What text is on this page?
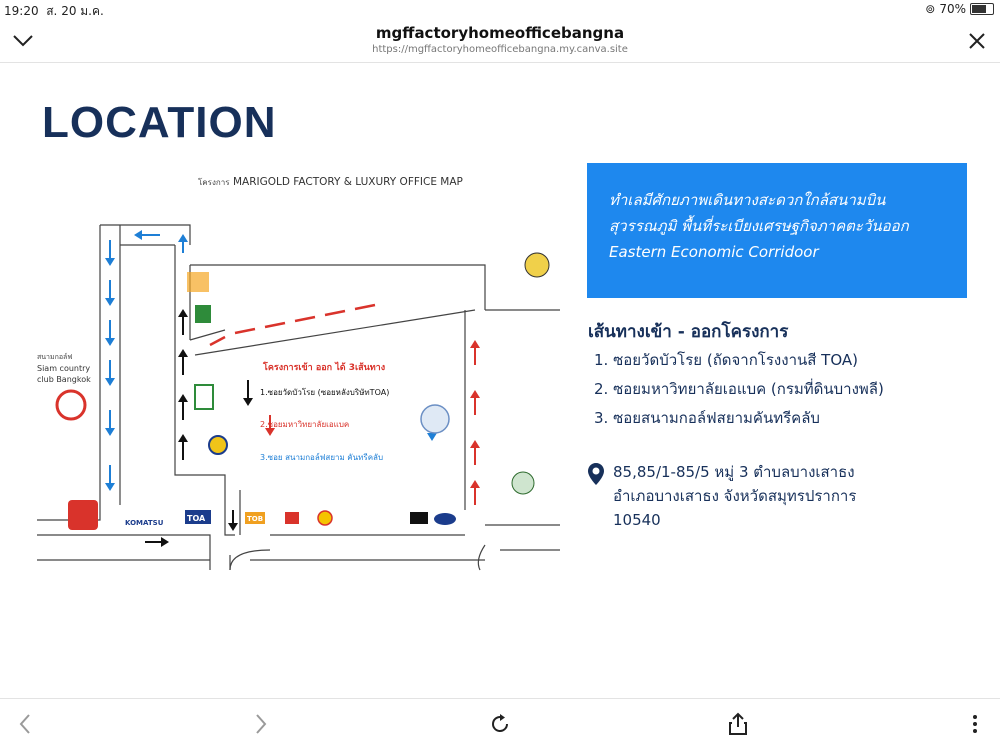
19:20 ส. 20 ม.ค.	⊚ 70%
mgffactoryhomeofficebangna
https://mgffactoryhomeofficebangna.my.canva.site
LOCATION
โครงการ MARIGOLD FACTORY & LUXURY OFFICE MAP
สนามกอล์ฟ
Siam country
club Bangkok
โครงการเข้า ออก ได้ 3เส้นทาง
1.ซอยวัดบัวโรย (ซอยหลังบริษัทTOA)
2.ซอยมหาวิทยาลัยเอแบค
3.ซอย สนามกอล์ฟสยาม คันทรีคลับ
KOMATSU	TOA	TOB
ทำเลมีศักยภาพเดินทางสะดวกใกล้สนามบิน
สุวรรณภูมิ พื้นที่ระเบียงเศรษฐกิจภาคตะวันออก
Eastern Economic Corridoor
เส้นทางเข้า - ออกโครงการ
1. ซอยวัดบัวโรย (ถัดจากโรงงานสี TOA)
2. ซอยมหาวิทยาลัยเอแบค (กรมที่ดินบางพลี)
3. ซอยสนามกอล์ฟสยามคันทรีคลับ
85,85/1-85/5 หมู่ 3 ตำบลบางเสาธง
อำเภอบางเสาธง จังหวัดสมุทรปราการ
10540
